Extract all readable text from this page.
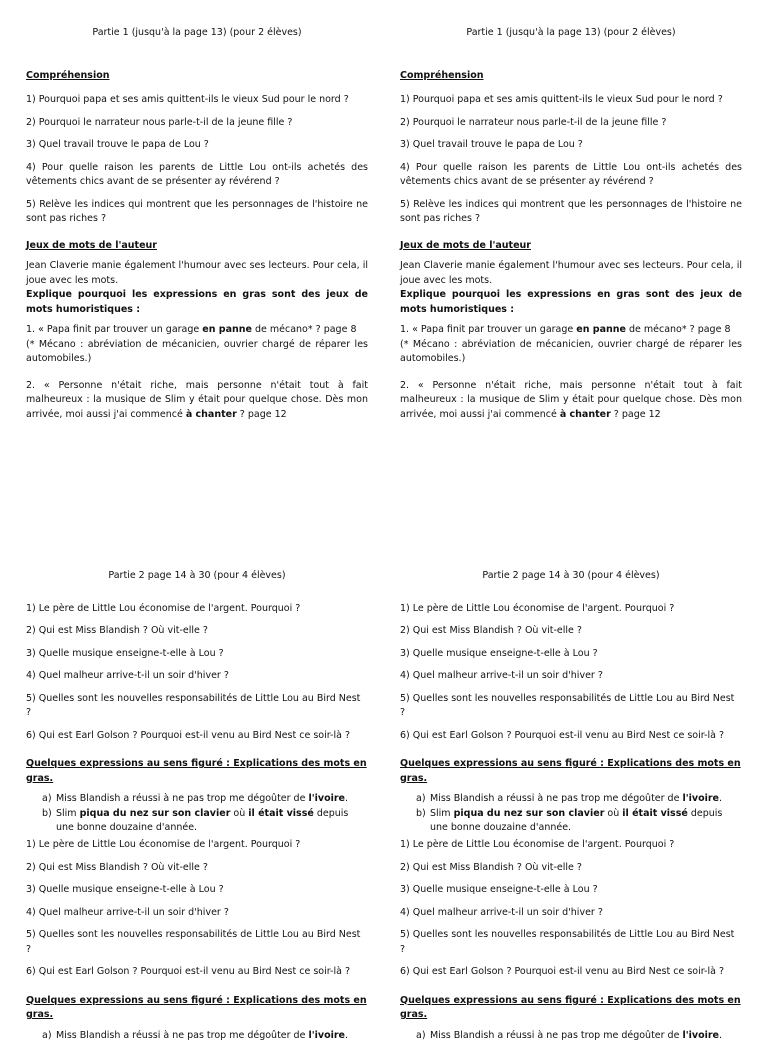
Partie 1 (jusqu'à la page 13) (pour 2 élèves)
Compréhension

1) Pourquoi papa et ses amis quittent-ils le vieux Sud pour le nord ?

2) Pourquoi le narrateur nous parle-t-il de la jeune fille ?

3) Quel travail trouve le papa de Lou ?

4) Pour quelle raison les parents de Little Lou ont-ils achetés des vêtements chics avant de se présenter ay révérend ?

5) Relève les indices qui montrent que les personnages de l'histoire ne sont pas riches ?

Jeux de mots de l'auteur

Jean Claverie manie également l'humour avec ses lecteurs. Pour cela, il joue avec les mots.

Explique pourquoi les expressions en gras sont des jeux de mots humoristiques :

1. « Papa finit par trouver un garage en panne de mécano* ? page 8

(* Mécano : abréviation de mécanicien, ouvrier chargé de réparer les automobiles.)

2. « Personne n'était riche, mais personne n'était tout à fait malheureux : la musique de Slim y était pour quelque chose. Dès mon arrivée, moi aussi j'ai commencé à chanter ? page 12

Partie 2 page 14 à 30 (pour 4 élèves)

1) Le père de Little Lou économise de l'argent. Pourquoi ?

2) Qui est Miss Blandish ? Où vit-elle ?

3) Quelle musique enseigne-t-elle à Lou ?

4) Quel malheur arrive-t-il un soir d'hiver ?

5) Quelles sont les nouvelles responsabilités de Little Lou au Bird Nest ?

6) Qui est Earl Golson ? Pourquoi est-il venu au Bird Nest ce soir-là ?

Quelques expressions au sens figuré : Explications des mots en gras.
a) Miss Blandish a réussi à ne pas trop me dégoûter de l'ivoire.
b) Slim piqua du nez sur son clavier où il était vissé depuis une bonne douzaine d'année.

1) Le père de Little Lou économise de l'argent. Pourquoi ?

2) Qui est Miss Blandish ? Où vit-elle ?

3) Quelle musique enseigne-t-elle à Lou ?

4) Quel malheur arrive-t-il un soir d'hiver ?

5) Quelles sont les nouvelles responsabilités de Little Lou au Bird Nest ?

6) Qui est Earl Golson ? Pourquoi est-il venu au Bird Nest ce soir-là ?

Quelques expressions au sens figuré : Explications des mots en gras.
a) Miss Blandish a réussi à ne pas trop me dégoûter de l'ivoire.
Partie 1 (jusqu'à la page 13) (pour 2 élèves)
Compréhension

1) Pourquoi papa et ses amis quittent-ils le vieux Sud pour le nord ?

2) Pourquoi le narrateur nous parle-t-il de la jeune fille ?

3) Quel travail trouve le papa de Lou ?

4) Pour quelle raison les parents de Little Lou ont-ils achetés des vêtements chics avant de se présenter ay révérend ?

5) Relève les indices qui montrent que les personnages de l'histoire ne sont pas riches ?

Jeux de mots de l'auteur

Jean Claverie manie également l'humour avec ses lecteurs. Pour cela, il joue avec les mots.

Explique pourquoi les expressions en gras sont des jeux de mots humoristiques :

1. « Papa finit par trouver un garage en panne de mécano* ? page 8

(* Mécano : abréviation de mécanicien, ouvrier chargé de réparer les automobiles.)

2. « Personne n'était riche, mais personne n'était tout à fait malheureux : la musique de Slim y était pour quelque chose. Dès mon arrivée, moi aussi j'ai commencé à chanter ? page 12

Partie 2 page 14 à 30 (pour 4 élèves)

1) Le père de Little Lou économise de l'argent. Pourquoi ?

2) Qui est Miss Blandish ? Où vit-elle ?

3) Quelle musique enseigne-t-elle à Lou ?

4) Quel malheur arrive-t-il un soir d'hiver ?

5) Quelles sont les nouvelles responsabilités de Little Lou au Bird Nest ?

6) Qui est Earl Golson ? Pourquoi est-il venu au Bird Nest ce soir-là ?

Quelques expressions au sens figuré : Explications des mots en gras.
a) Miss Blandish a réussi à ne pas trop me dégoûter de l'ivoire.
b) Slim piqua du nez sur son clavier où il était vissé depuis une bonne douzaine d'année.

1) Le père de Little Lou économise de l'argent. Pourquoi ?

2) Qui est Miss Blandish ? Où vit-elle ?

3) Quelle musique enseigne-t-elle à Lou ?

4) Quel malheur arrive-t-il un soir d'hiver ?

5) Quelles sont les nouvelles responsabilités de Little Lou au Bird Nest ?

6) Qui est Earl Golson ? Pourquoi est-il venu au Bird Nest ce soir-là ?

Quelques expressions au sens figuré : Explications des mots en gras.
a) Miss Blandish a réussi à ne pas trop me dégoûter de l'ivoire.
